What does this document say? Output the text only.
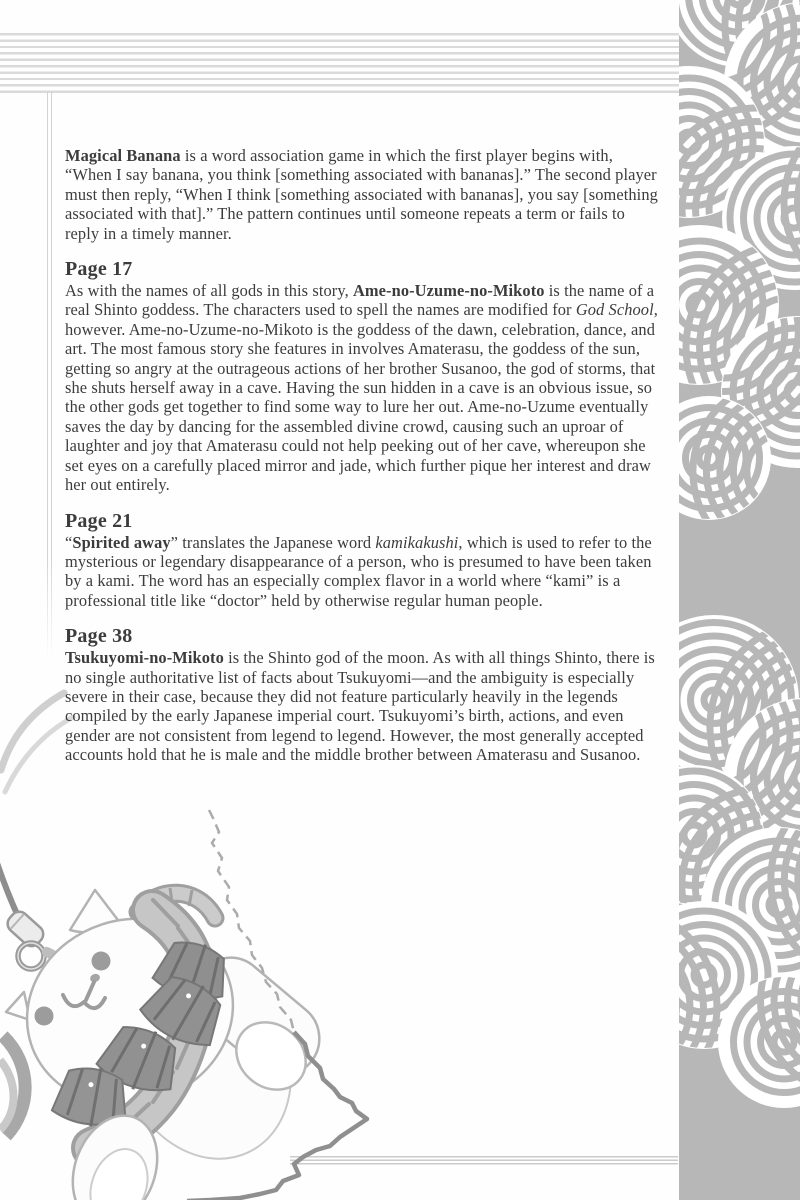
Magical Banana is a word association game in which the first player begins with, “When I say banana, you think [something associated with bananas].” The second player must then reply, “When I think [something associated with bananas], you say [something associated with that].” The pattern continues until someone repeats a term or fails to reply in a timely manner.

Page 17

As with the names of all gods in this story, Ame-no-Uzume-no-Mikoto is the name of a real Shinto goddess. The characters used to spell the names are modified for God School, however. Ame-no-Uzume-no-Mikoto is the goddess of the dawn, celebration, dance, and art. The most famous story she features in involves Amaterasu, the goddess of the sun, getting so angry at the outrageous actions of her brother Susanoo, the god of storms, that she shuts herself away in a cave. Having the sun hidden in a cave is an obvious issue, so the other gods get together to find some way to lure her out. Ame-no-Uzume eventually saves the day by dancing for the assembled divine crowd, causing such an uproar of laughter and joy that Amaterasu could not help peeking out of her cave, whereupon she set eyes on a carefully placed mirror and jade, which further pique her interest and draw her out entirely.

Page 21

“Spirited away” translates the Japanese word kamikakushi, which is used to refer to the mysterious or legendary disappearance of a person, who is presumed to have been taken by a kami. The word has an especially complex flavor in a world where “kami” is a professional title like “doctor” held by otherwise regular human people.

Page 38

Tsukuyomi-no-Mikoto is the Shinto god of the moon. As with all things Shinto, there is no single authoritative list of facts about Tsukuyomi—and the ambiguity is especially severe in their case, because they did not feature particularly heavily in the legends compiled by the early Japanese imperial court. Tsukuyomi’s birth, actions, and even gender are not consistent from legend to legend. However, the most generally accepted accounts hold that he is male and the middle brother between Amaterasu and Susanoo.
